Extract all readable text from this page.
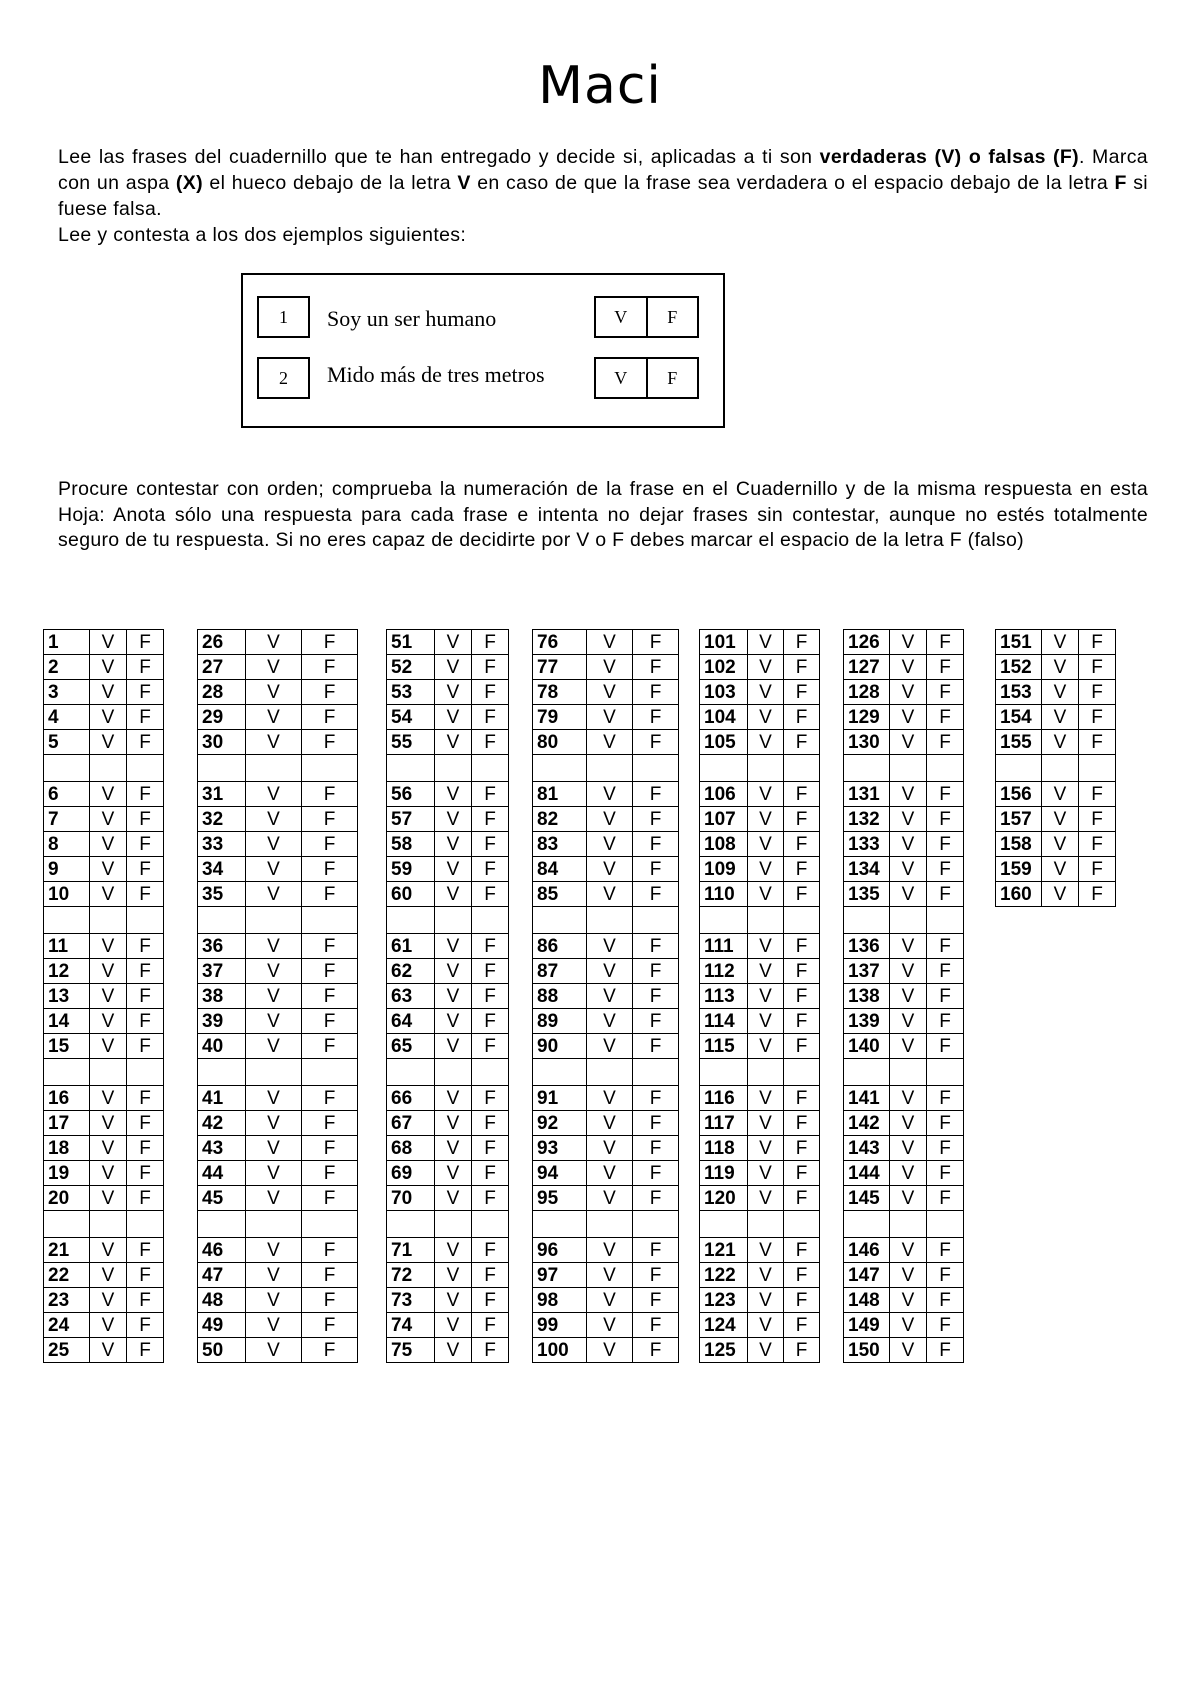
Maci

Lee las frases del cuadernillo que te han entregado y decide si, aplicadas a ti son verdaderas (V) o falsas (F). Marca con un aspa (X) el hueco debajo de la letra V en caso de que la frase sea verdadera o el espacio debajo de la letra F si fuese falsa.

Lee y contesta a los dos ejemplos siguientes:

1	Soy un ser humano	V	F
2	Mido más de tres metros	V	F

Procure contestar con orden; comprueba la numeración de la frase en el Cuadernillo y de la misma respuesta en esta Hoja: Anota sólo una respuesta para cada frase e intenta no dejar frases sin contestar, aunque no estés totalmente seguro de tu respuesta. Si no eres capaz de decidirte por V o F debes marcar el espacio de la letra F (falso)

1	V	F
2	V	F
3	V	F
4	V	F
5	V	F

6	V	F
7	V	F
8	V	F
9	V	F
10	V	F

11	V	F
12	V	F
13	V	F
14	V	F
15	V	F

16	V	F
17	V	F
18	V	F
19	V	F
20	V	F

21	V	F
22	V	F
23	V	F
24	V	F
25	V	F
26	V	F
27	V	F
28	V	F
29	V	F
30	V	F

31	V	F
32	V	F
33	V	F
34	V	F
35	V	F

36	V	F
37	V	F
38	V	F
39	V	F
40	V	F

41	V	F
42	V	F
43	V	F
44	V	F
45	V	F

46	V	F
47	V	F
48	V	F
49	V	F
50	V	F
51	V	F
52	V	F
53	V	F
54	V	F
55	V	F

56	V	F
57	V	F
58	V	F
59	V	F
60	V	F

61	V	F
62	V	F
63	V	F
64	V	F
65	V	F

66	V	F
67	V	F
68	V	F
69	V	F
70	V	F

71	V	F
72	V	F
73	V	F
74	V	F
75	V	F
76	V	F
77	V	F
78	V	F
79	V	F
80	V	F

81	V	F
82	V	F
83	V	F
84	V	F
85	V	F

86	V	F
87	V	F
88	V	F
89	V	F
90	V	F

91	V	F
92	V	F
93	V	F
94	V	F
95	V	F

96	V	F
97	V	F
98	V	F
99	V	F
100	V	F
101	V	F
102	V	F
103	V	F
104	V	F
105	V	F

106	V	F
107	V	F
108	V	F
109	V	F
110	V	F

111	V	F
112	V	F
113	V	F
114	V	F
115	V	F

116	V	F
117	V	F
118	V	F
119	V	F
120	V	F

121	V	F
122	V	F
123	V	F
124	V	F
125	V	F
126	V	F
127	V	F
128	V	F
129	V	F
130	V	F

131	V	F
132	V	F
133	V	F
134	V	F
135	V	F

136	V	F
137	V	F
138	V	F
139	V	F
140	V	F

141	V	F
142	V	F
143	V	F
144	V	F
145	V	F

146	V	F
147	V	F
148	V	F
149	V	F
150	V	F
151	V	F
152	V	F
153	V	F
154	V	F
155	V	F

156	V	F
157	V	F
158	V	F
159	V	F
160	V	F
